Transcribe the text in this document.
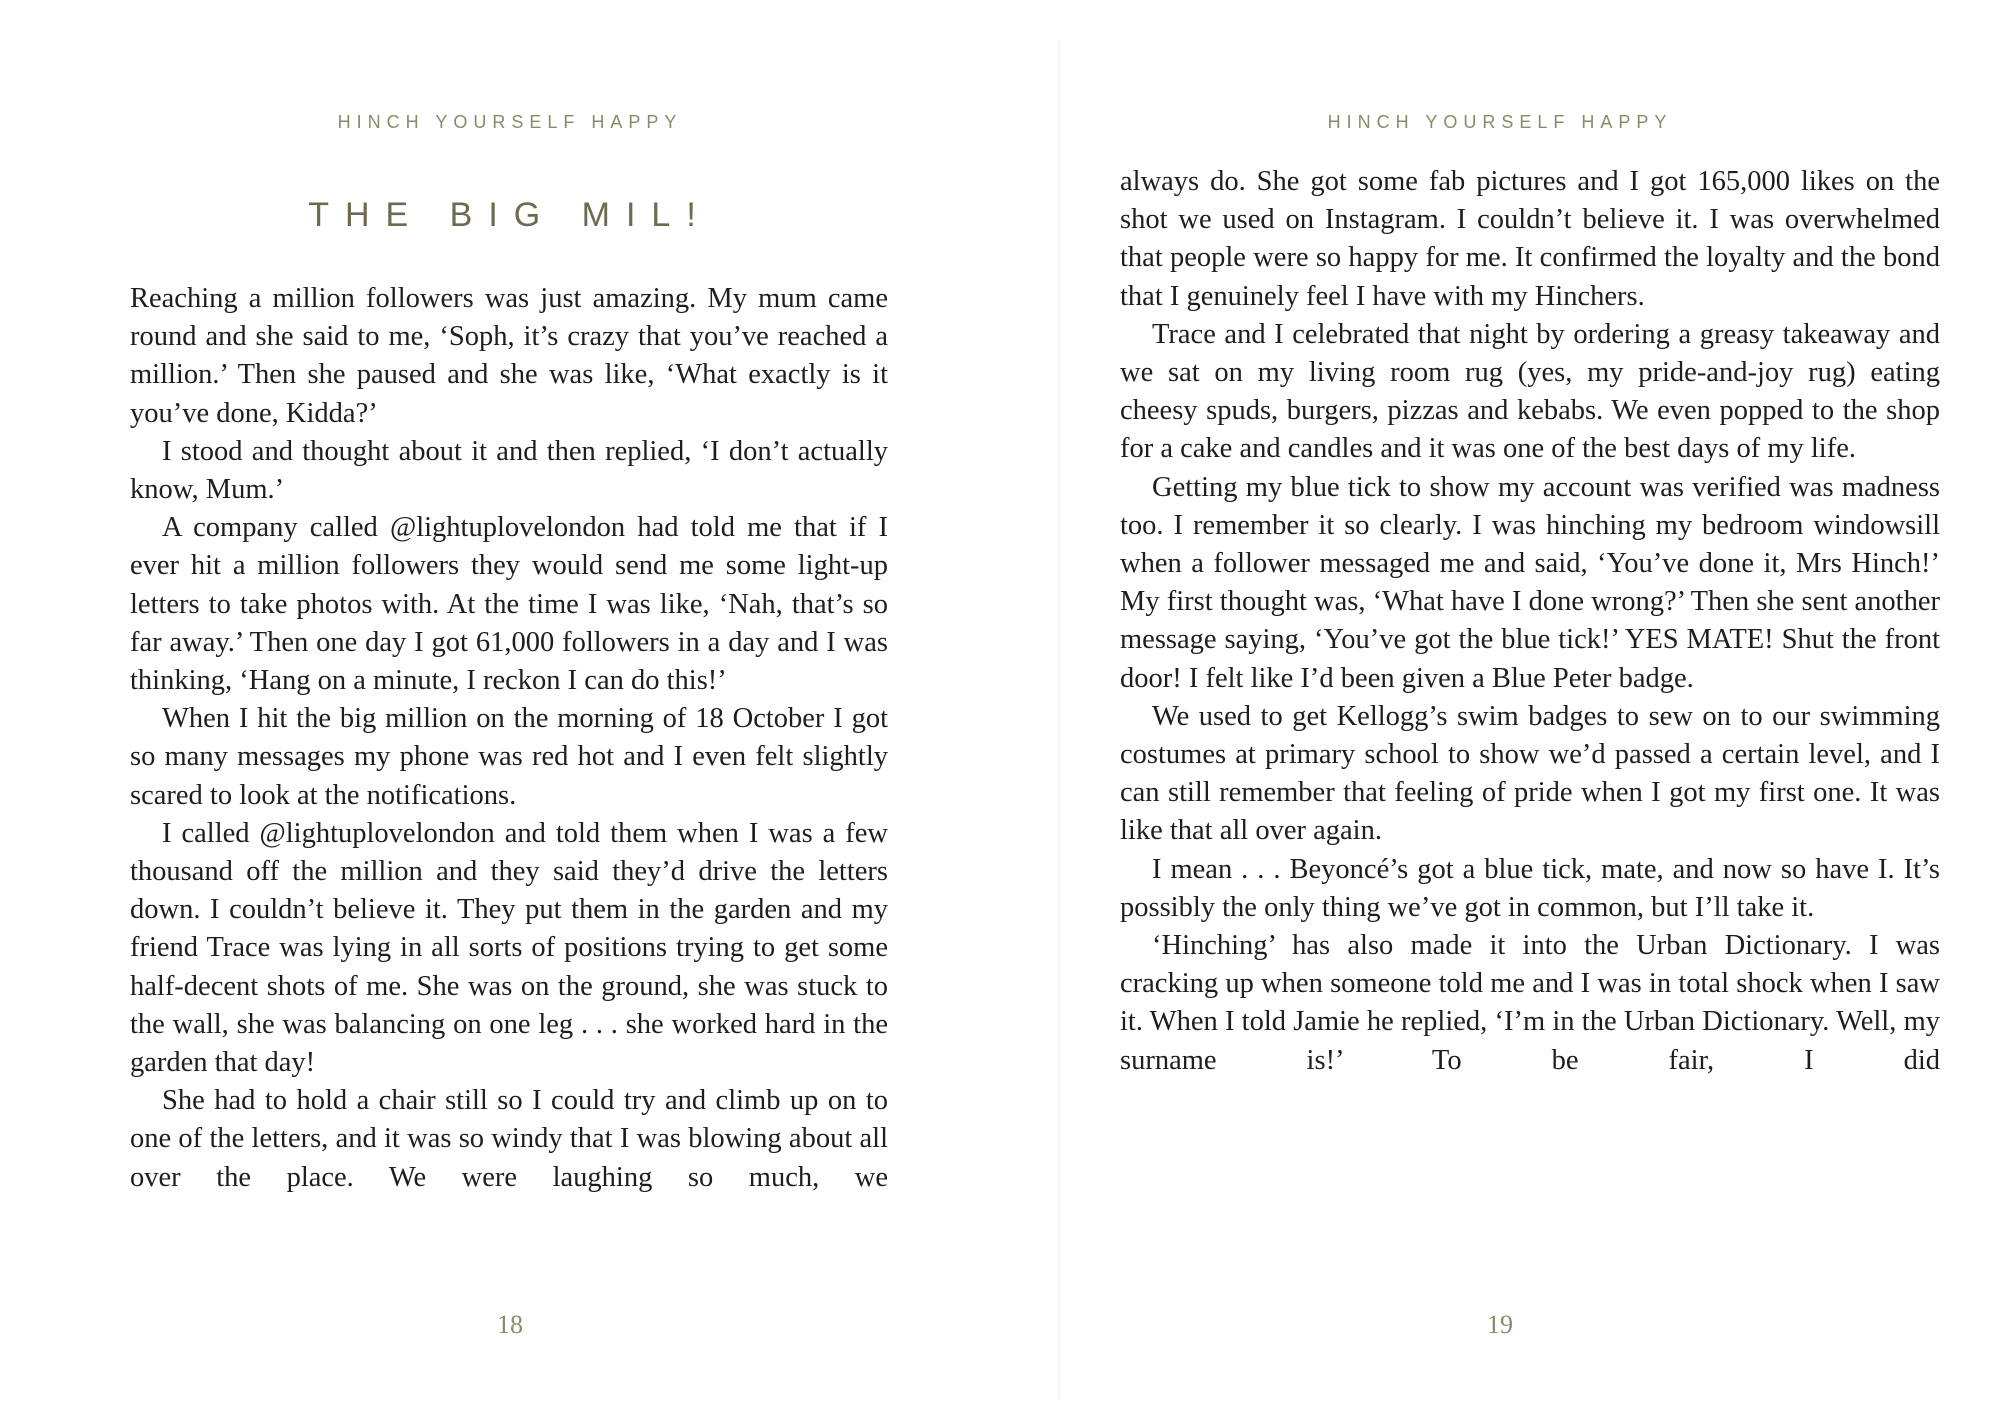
HINCH YOURSELF HAPPY
THE BIG MIL!

Reaching a million followers was just amazing. My mum came round and she said to me, ‘Soph, it’s crazy that you’ve reached a million.’ Then she paused and she was like, ‘What exactly is it you’ve done, Kidda?’

I stood and thought about it and then replied, ‘I don’t actually know, Mum.’

A company called @lightuplovelondon had told me that if I ever hit a million followers they would send me some light-up letters to take photos with. At the time I was like, ‘Nah, that’s so far away.’ Then one day I got 61,000 followers in a day and I was thinking, ‘Hang on a minute, I reckon I can do this!’

When I hit the big million on the morning of 18 October I got so many messages my phone was red hot and I even felt slightly scared to look at the notifications.

I called @lightuplovelondon and told them when I was a few thousand off the million and they said they’d drive the letters down. I couldn’t believe it. They put them in the garden and my friend Trace was lying in all sorts of positions trying to get some half-decent shots of me. She was on the ground, she was stuck to the wall, she was balancing on one leg . . . she worked hard in the garden that day!

She had to hold a chair still so I could try and climb up on to one of the letters, and it was so windy that I was blowing about all over the place. We were laughing so much, we

18
HINCH YOURSELF HAPPY

always do. She got some fab pictures and I got 165,000 likes on the shot we used on Instagram. I couldn’t believe it. I was overwhelmed that people were so happy for me. It confirmed the loyalty and the bond that I genuinely feel I have with my Hinchers.

Trace and I celebrated that night by ordering a greasy takeaway and we sat on my living room rug (yes, my pride-and-joy rug) eating cheesy spuds, burgers, pizzas and kebabs. We even popped to the shop for a cake and candles and it was one of the best days of my life.

Getting my blue tick to show my account was verified was madness too. I remember it so clearly. I was hinching my bedroom windowsill when a follower messaged me and said, ‘You’ve done it, Mrs Hinch!’ My first thought was, ‘What have I done wrong?’ Then she sent another message saying, ‘You’ve got the blue tick!’ YES MATE! Shut the front door! I felt like I’d been given a Blue Peter badge.

We used to get Kellogg’s swim badges to sew on to our swimming costumes at primary school to show we’d passed a certain level, and I can still remember that feeling of pride when I got my first one. It was like that all over again.

I mean . . . Beyoncé’s got a blue tick, mate, and now so have I. It’s possibly the only thing we’ve got in common, but I’ll take it.

‘Hinching’ has also made it into the Urban Dictionary. I was cracking up when someone told me and I was in total shock when I saw it. When I told Jamie he replied, ‘I’m in the Urban Dictionary. Well, my surname is!’ To be fair, I did

19
